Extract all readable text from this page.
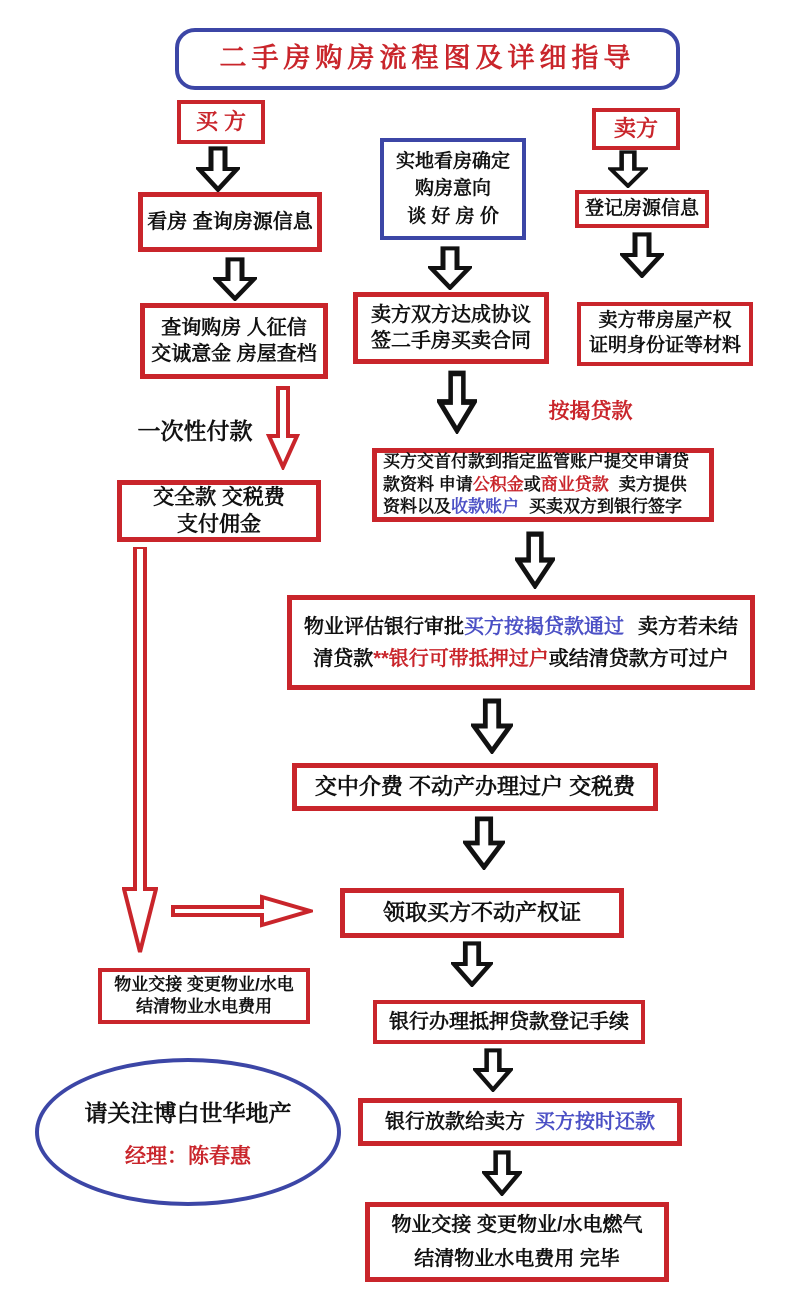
二手房购房流程图及详细指导
买 方	卖方
看房 查询房源信息
实地看房确定
购房意向
谈 好 房 价	登记房源信息
查询购房 人征信
交诚意金 房屋查档
卖方双方达成协议
签二手房买卖合同
卖方带房屋产权
证明身份证等材料
一次性付款
按揭贷款
交全款 交税费
支付佣金
买方交首付款到指定监管账户提交申请贷
款资料 申请公积金或商业贷款 卖方提供
资料以及收款账户 买卖双方到银行签字
物业评估银行审批买方按揭贷款通过 卖方若未结
清贷款**银行可带抵押过户或结清贷款方可过户
交中介费 不动产办理过户 交税费
领取买方不动产权证
物业交接 变更物业/水电
结清物业水电费用
银行办理抵押贷款登记手续
银行放款给卖方 买方按时还款
物业交接 变更物业/水电燃气
结清物业水电费用 完毕
请关注博白世华地产
经理：陈春惠
